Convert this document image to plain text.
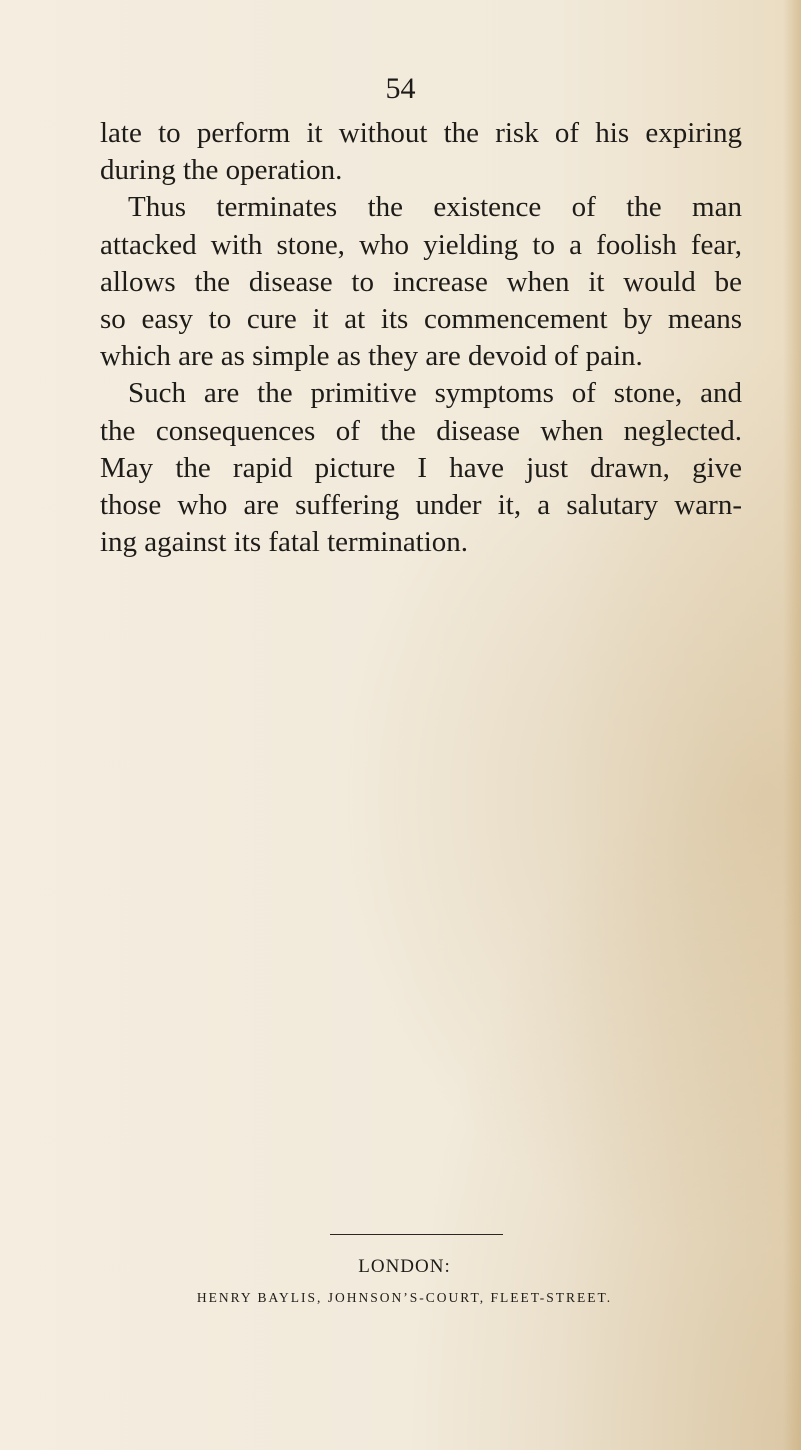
54
late to perform it without the risk of his expiring
during the operation.
Thus terminates the existence of the man
attacked with stone, who yielding to a foolish fear,
allows the disease to increase when it would be
so easy to cure it at its commencement by means
which are as simple as they are devoid of pain.
Such are the primitive symptoms of stone, and
the consequences of the disease when neglected.
May the rapid picture I have just drawn, give
those who are suffering under it, a salutary warn-
ing against its fatal termination.
LONDON:
HENRY BAYLIS, JOHNSON’S-COURT, FLEET-STREET.
